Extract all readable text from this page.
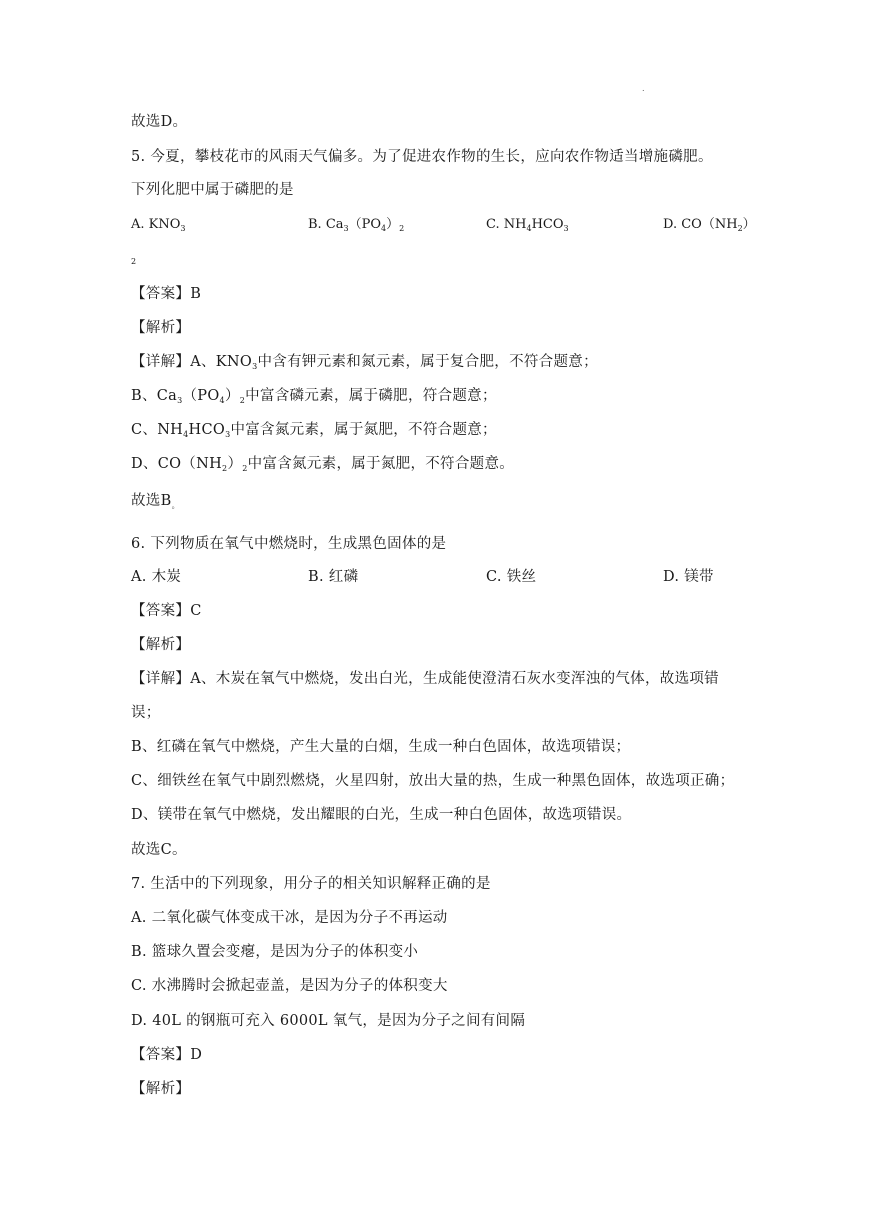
.
故选D。
5. 今夏，攀枝花市的风雨天气偏多。为了促进农作物的生长，应向农作物适当增施磷肥。
下列化肥中属于磷肥的是
A. $KNO_3$	B. $Ca_3(PO_4)_2$	C. $NH_4HCO_3$	D. $CO(NH_2)$
2
【答案】B
【解析】
【详解】A、$KNO_3$中含有钾元素和氮元素，属于复合肥，不符合题意；
B、$Ca_3(PO_4)_2$中富含磷元素，属于磷肥，符合题意；
C、$NH_4HCO_3$中富含氮元素，属于氮肥，不符合题意；
D、$CO(NH_2)_2$中富含氮元素，属于氮肥，不符合题意。
故选$B_。$
6. 下列物质在氧气中燃烧时，生成黑色固体的是
A. 木炭	B. 红磷	C. 铁丝	D. 镁带
【答案】C
【解析】
【详解】A、木炭在氧气中燃烧，发出白光，生成能使澄清石灰水变浑浊的气体，故选项错
误；
B、红磷在氧气中燃烧，产生大量的白烟，生成一种白色固体，故选项错误；
C、细铁丝在氧气中剧烈燃烧，火星四射，放出大量的热，生成一种黑色固体，故选项正确；
D、镁带在氧气中燃烧，发出耀眼的白光，生成一种白色固体，故选项错误。
故选C。
7. 生活中的下列现象，用分子的相关知识解释正确的是
A. 二氧化碳气体变成干冰，是因为分子不再运动
B. 篮球久置会变瘪，是因为分子的体积变小
C. 水沸腾时会掀起壶盖，是因为分子的体积变大
D. 40L 的钢瓶可充入 6000L 氧气，是因为分子之间有间隔
【答案】D
【解析】
